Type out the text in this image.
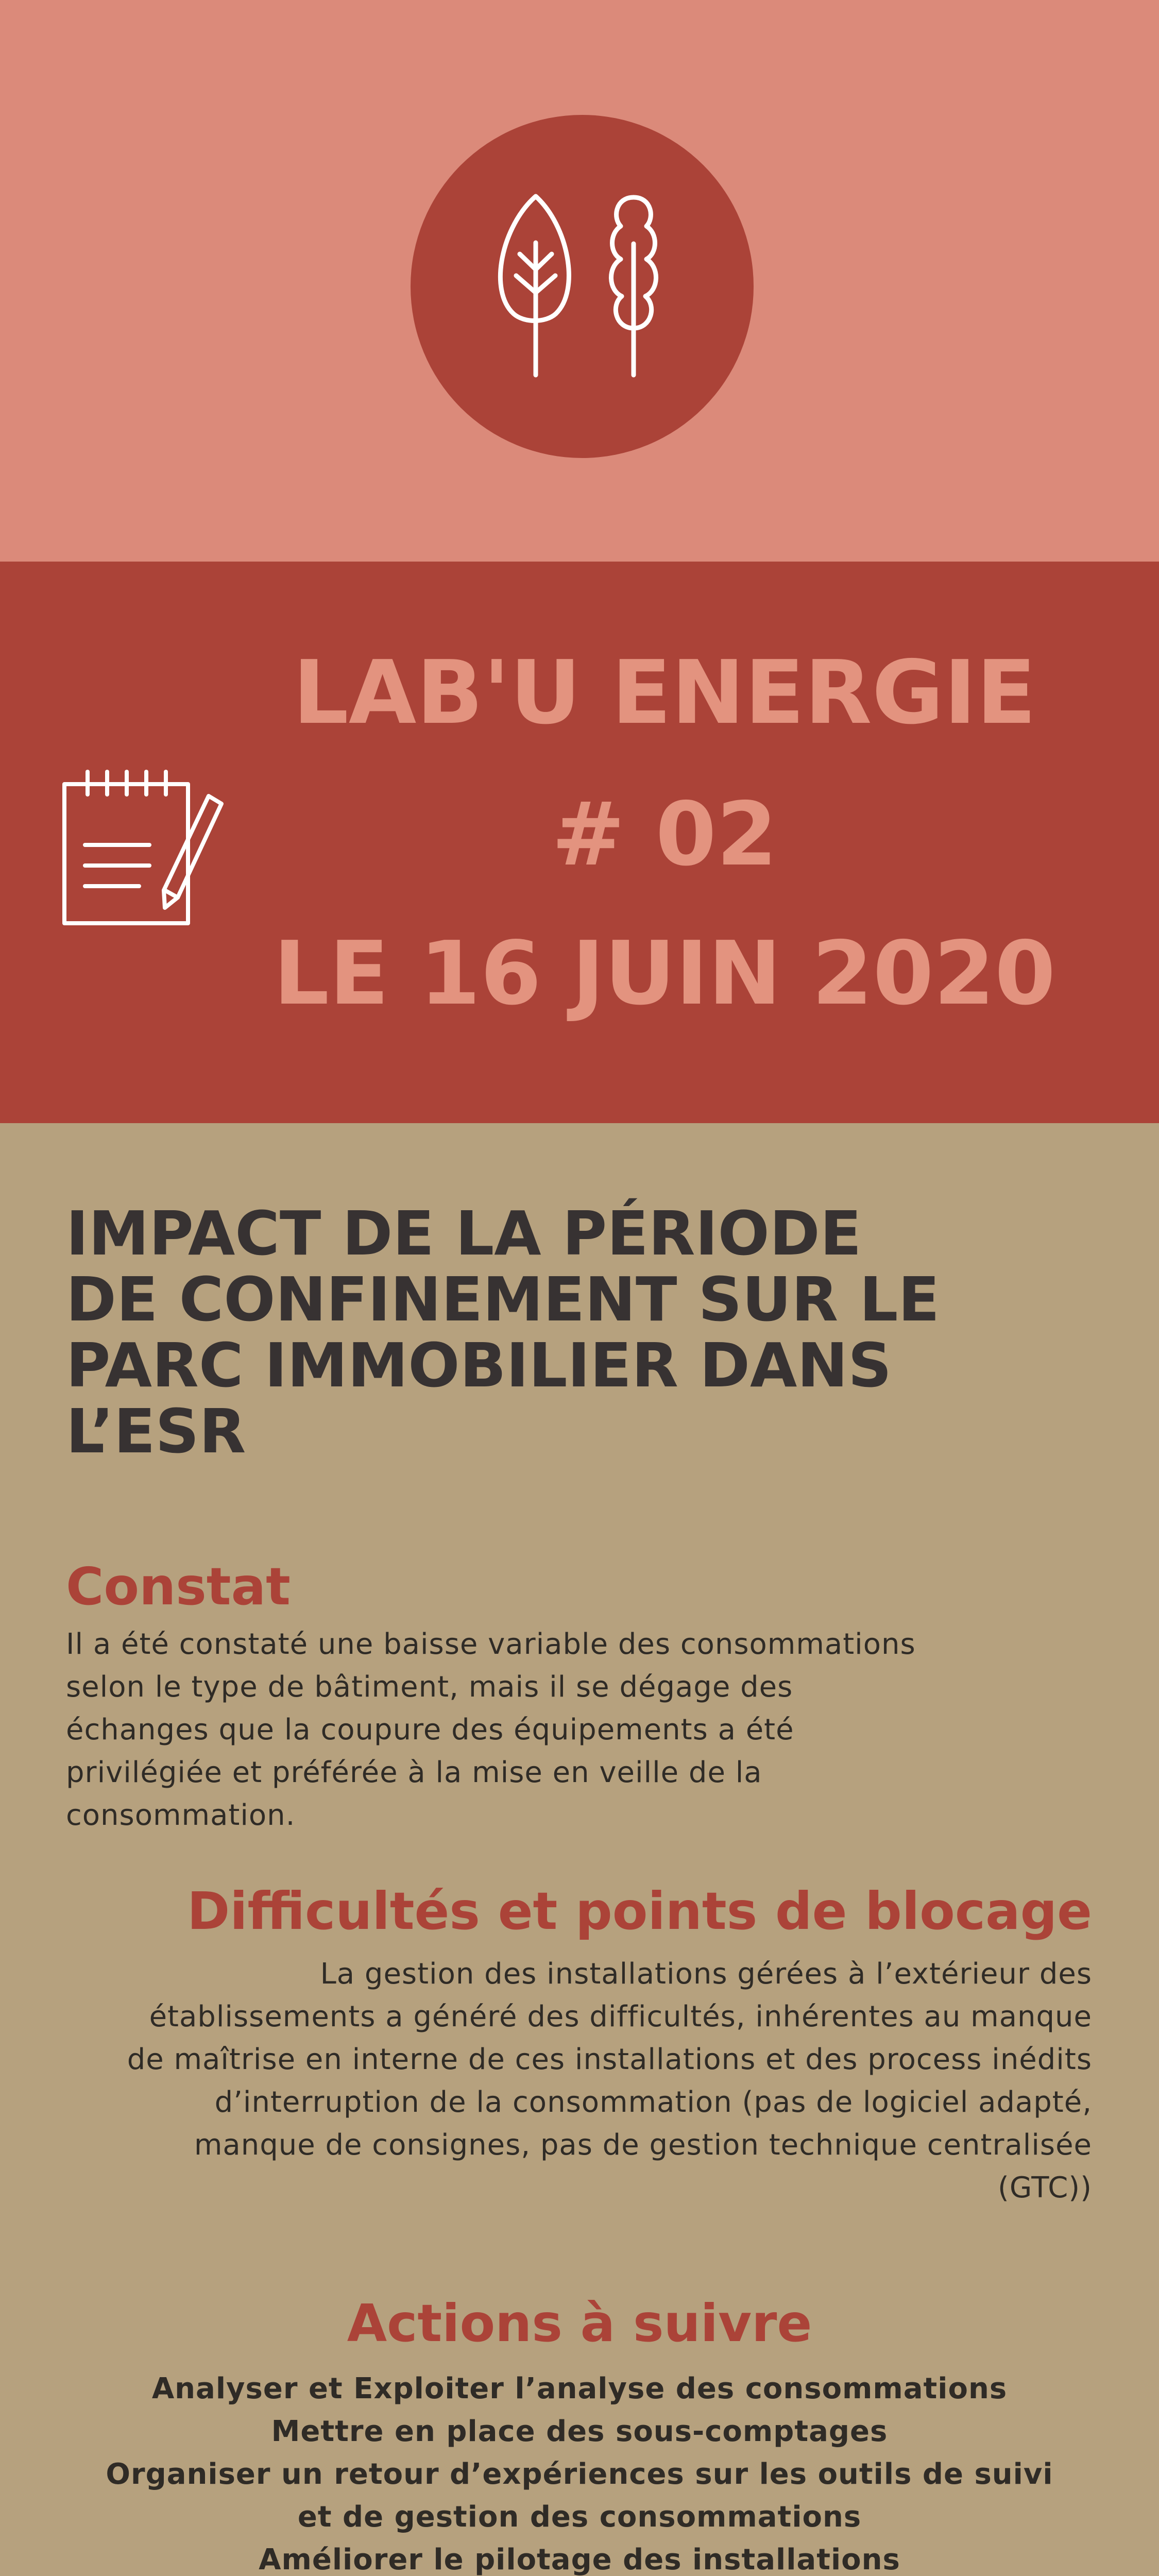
LAB'U ENERGIE
# 02
LE 16 JUIN 2020
IMPACT DE LA PÉRIODE
DE CONFINEMENT SUR LE
PARC IMMOBILIER DANS
L’ESR
Constat

Il a été constaté une baisse variable des consommations
selon le type de bâtiment, mais il se dégage des
échanges que la coupure des équipements a été
privilégiée et préférée à la mise en veille de la
consommation.

Difficultés et points de blocage

La gestion des installations gérées à l’extérieur des
établissements a généré des difficultés, inhérentes au manque
de maîtrise en interne de ces installations et des process inédits
d’interruption de la consommation (pas de logiciel adapté,
manque de consignes, pas de gestion technique centralisée
(GTC))

Actions à suivre

Analyser et Exploiter l’analyse des consommations
Mettre en place des sous-comptages
Organiser un retour d’expériences sur les outils de suivi
et de gestion des consommations
Améliorer le pilotage des installations
